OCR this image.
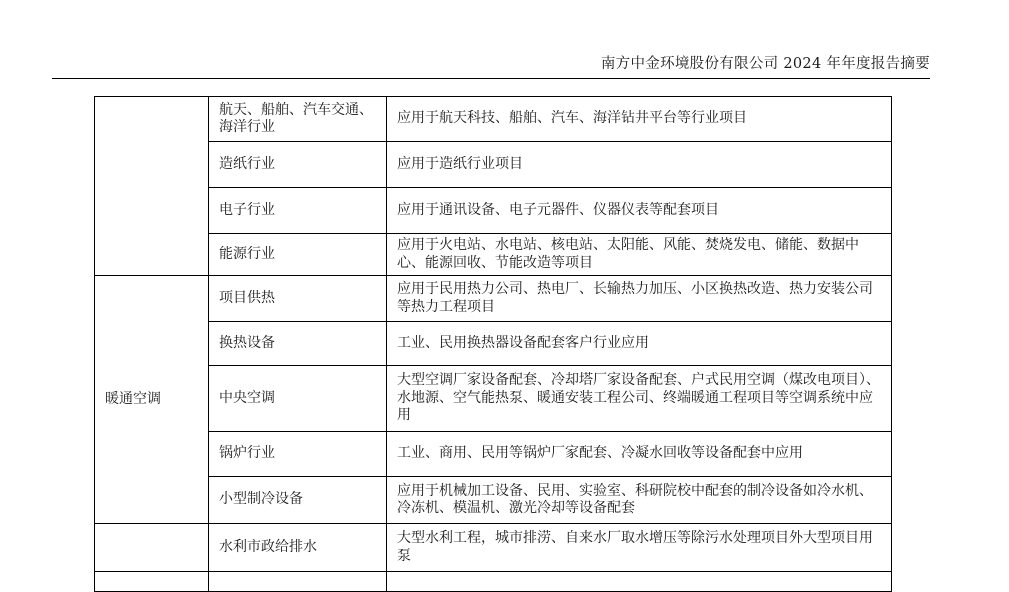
南方中金环境股份有限公司 2024 年年度报告摘要
	航天、船舶、汽车交通、海洋行业	应用于航天科技、船舶、汽车、海洋钻井平台等行业项目
	造纸行业	应用于造纸行业项目
	电子行业	应用于通讯设备、电子元器件、仪器仪表等配套项目
	能源行业	应用于火电站、水电站、核电站、太阳能、风能、焚烧发电、储能、数据中心、能源回收、节能改造等项目
暖通空调	项目供热	应用于民用热力公司、热电厂、长输热力加压、小区换热改造、热力安装公司等热力工程项目
	换热设备	工业、民用换热器设备配套客户行业应用
	中央空调	大型空调厂家设备配套、冷却塔厂家设备配套、户式民用空调（煤改电项目）、水地源、空气能热泵、暖通安装工程公司、终端暖通工程项目等空调系统中应用
	锅炉行业	工业、商用、民用等锅炉厂家配套、冷凝水回收等设备配套中应用
	小型制冷设备	应用于机械加工设备、民用、实验室、科研院校中配套的制冷设备如冷水机、冷冻机、模温机、激光冷却等设备配套
	水利市政给排水	大型水利工程，城市排涝、自来水厂取水增压等除污水处理项目外大型项目用泵
